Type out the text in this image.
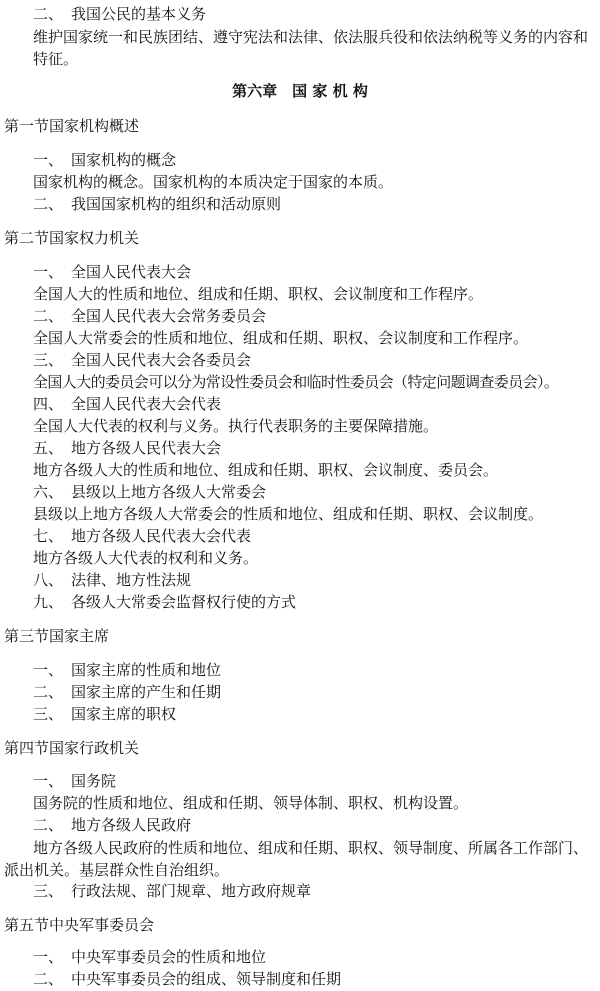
二、 我国公民的基本义务
维护国家统一和民族团结、遵守宪法和法律、依法服兵役和依法纳税等义务的内容和特征。
第六章　国 家 机 构
第一节国家机构概述
一、 国家机构的概念
国家机构的概念。国家机构的本质决定于国家的本质。
二、 我国国家机构的组织和活动原则
第二节国家权力机关
一、 全国人民代表大会
全国人大的性质和地位、组成和任期、职权、会议制度和工作程序。
二、 全国人民代表大会常务委员会
全国人大常委会的性质和地位、组成和任期、职权、会议制度和工作程序。
三、 全国人民代表大会各委员会
全国人大的委员会可以分为常设性委员会和临时性委员会（特定问题调查委员会）。
四、 全国人民代表大会代表
全国人大代表的权利与义务。执行代表职务的主要保障措施。
五、 地方各级人民代表大会
地方各级人大的性质和地位、组成和任期、职权、会议制度、委员会。
六、 县级以上地方各级人大常委会
县级以上地方各级人大常委会的性质和地位、组成和任期、职权、会议制度。
七、 地方各级人民代表大会代表
地方各级人大代表的权利和义务。
八、 法律、地方性法规
九、 各级人大常委会监督权行使的方式
第三节国家主席
一、 国家主席的性质和地位
二、 国家主席的产生和任期
三、 国家主席的职权
第四节国家行政机关
一、 国务院
国务院的性质和地位、组成和任期、领导体制、职权、机构设置。
二、 地方各级人民政府
地方各级人民政府的性质和地位、组成和任期、职权、领导制度、所属各工作部门、派出机关。基层群众性自治组织。
三、 行政法规、部门规章、地方政府规章
第五节中央军事委员会
一、 中央军事委员会的性质和地位
二、 中央军事委员会的组成、领导制度和任期
